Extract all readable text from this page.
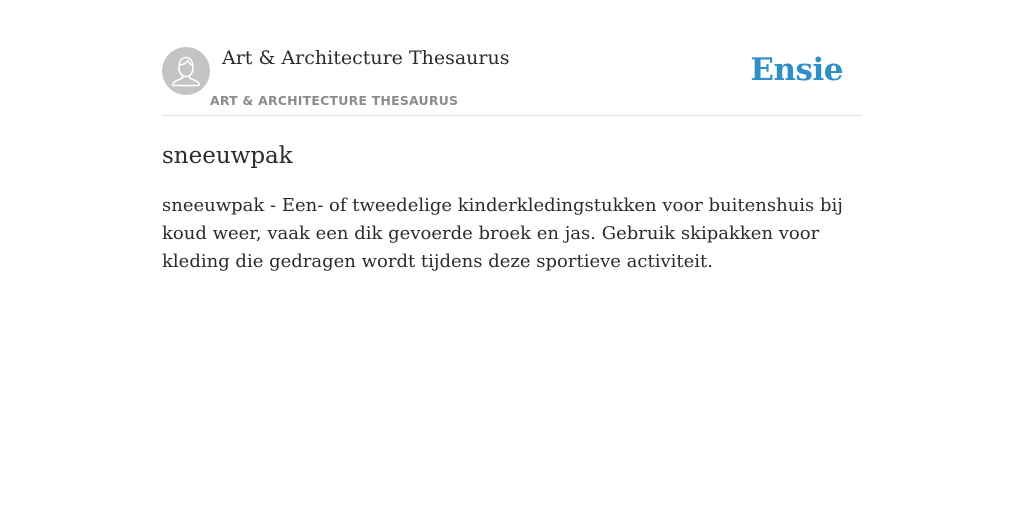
Art & Architecture Thesaurus
ART & ARCHITECTURE THESAURUS
Ensie
sneeuwpak

sneeuwpak - Een- of tweedelige kinderkledingstukken voor buitenshuis bij koud weer, vaak een dik gevoerde broek en jas. Gebruik skipakken voor kleding die gedragen wordt tijdens deze sportieve activiteit.
